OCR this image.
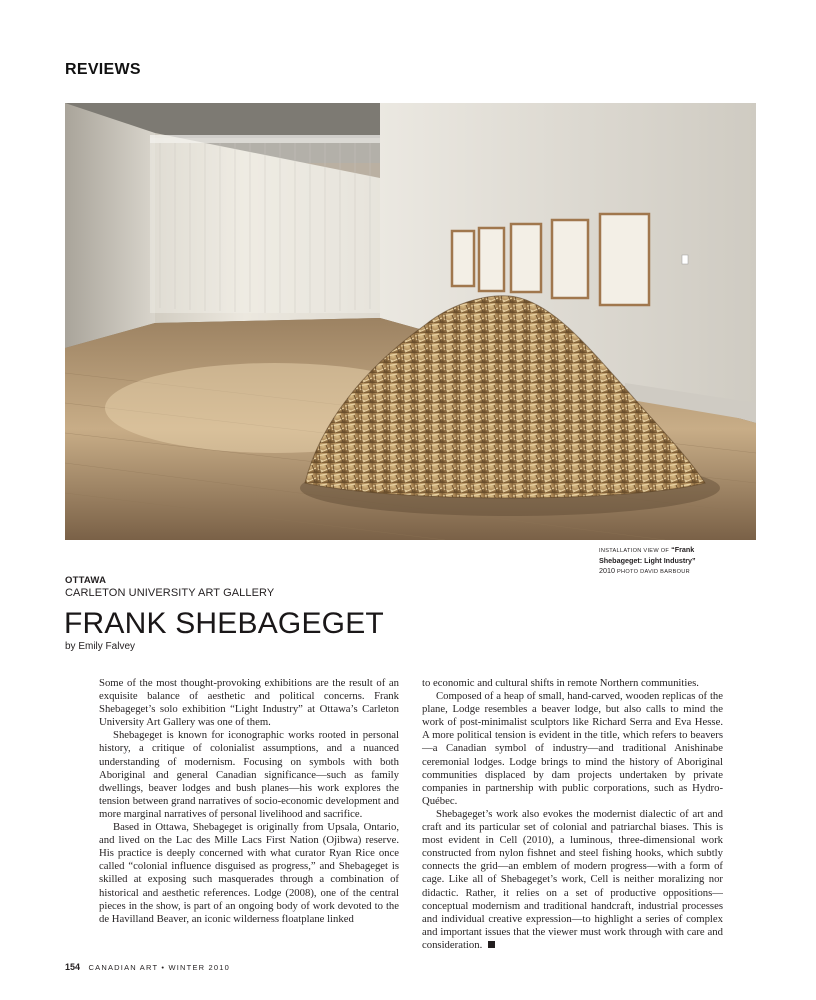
REVIEWS
INSTALLATION VIEW OF “Frank
Shebageget: Light Industry”
2010 PHOTO DAVID BARBOUR
OTTAWA
CARLETON UNIVERSITY ART GALLERY
FRANK SHEBAGEGET
by Emily Falvey

Some of the most thought-provoking exhibitions are the result of an exquisite balance of aesthetic and political concerns. Frank Shebageget’s solo exhibition “Light Industry” at Ottawa’s Carleton University Art Gallery was one of them.

Shebageget is known for iconographic works rooted in personal history, a critique of colonialist assumptions, and a nuanced understanding of modernism. Focusing on symbols with both Aboriginal and general Canadian significance—such as family dwellings, beaver lodges and bush planes—his work explores the tension between grand narratives of socio-economic development and more marginal narratives of personal livelihood and sacrifice.

Based in Ottawa, Shebageget is originally from Upsala, Ontario, and lived on the Lac des Mille Lacs First Nation (Ojibwa) reserve. His practice is deeply concerned with what curator Ryan Rice once called “colonial influence disguised as progress,” and Shebageget is skilled at exposing such masquerades through a combination of historical and aesthetic references. Lodge (2008), one of the central pieces in the show, is part of an ongoing body of work devoted to the de Havilland Beaver, an iconic wilderness floatplane linked

to economic and cultural shifts in remote Northern communities.

Composed of a heap of small, hand-carved, wooden replicas of the plane, Lodge resembles a beaver lodge, but also calls to mind the work of post-minimalist sculptors like Richard Serra and Eva Hesse. A more political tension is evident in the title, which refers to beavers—a Canadian symbol of industry—and traditional Anishinabe ceremonial lodges. Lodge brings to mind the history of Aboriginal communities displaced by dam projects undertaken by private companies in partnership with public corporations, such as Hydro-Québec.

Shebageget’s work also evokes the modernist dialectic of art and craft and its particular set of colonial and patriarchal biases. This is most evident in Cell (2010), a luminous, three-dimensional work constructed from nylon fishnet and steel fishing hooks, which subtly connects the grid—an emblem of modern progress—with a form of cage. Like all of Shebageget’s work, Cell is neither moralizing nor didactic. Rather, it relies on a set of productive oppositions—conceptual modernism and traditional handcraft, industrial processes and individual creative expression—to highlight a series of complex and important issues that the viewer must work through with care and consideration.

154 CANADIAN ART • WINTER 2010
